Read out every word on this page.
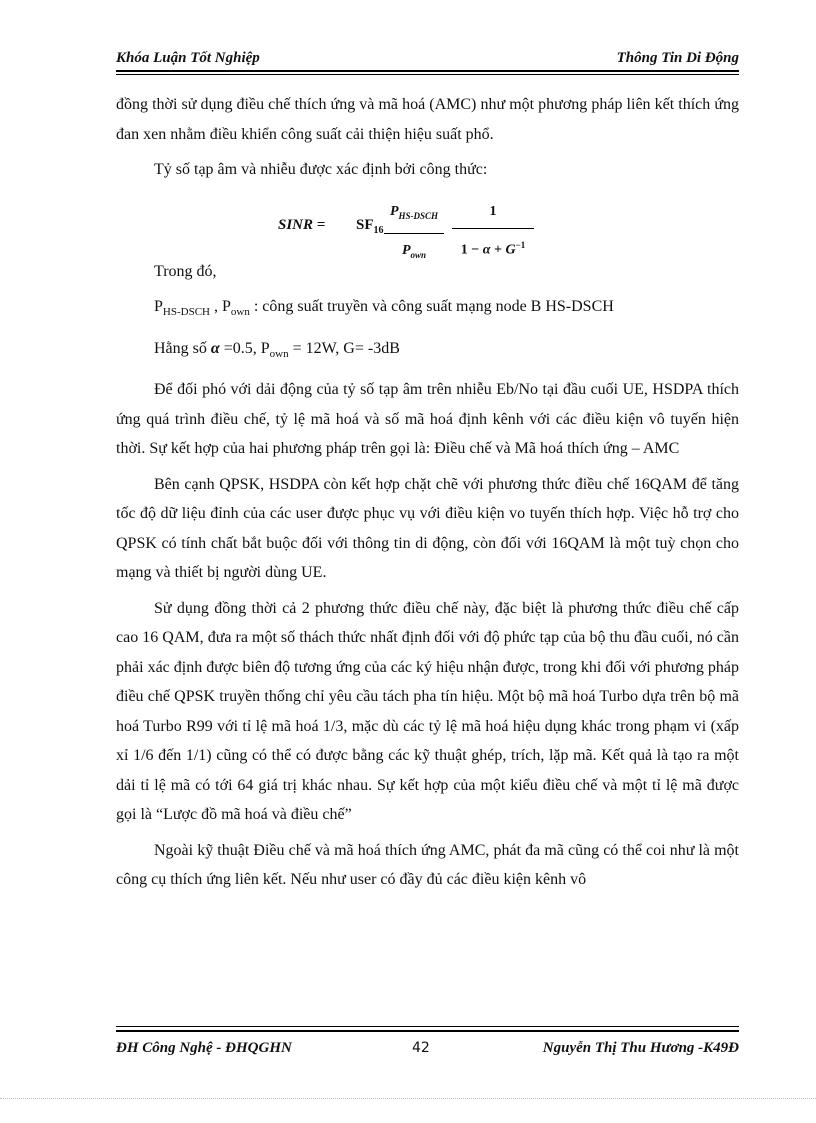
Khóa Luận Tốt Nghiệp	Thông Tin Di Động

đồng thời sử dụng điều chế thích ứng và mã hoá (AMC) như một phương pháp liên kết thích ứng đan xen nhằm điều khiển công suất cải thiện hiệu suất phổ.

Tỷ số tạp âm và nhiễu được xác định bởi công thức:

SINR = $SF_{16}$
$P_{HS-DSCH}$
$P_{own}$	$\frac{1}{1 - \alpha + G^{-1}}$

Trong đó,

$P_{HS-DSCH}$ , $P_{own}$ : công suất truyền và công suất mạng node B HS-DSCH

Hằng số α =0.5, $P_{own} = 12W$, G= -3dB

Để đối phó với dải động của tỷ số tạp âm trên nhiễu Eb/No tại đầu cuối UE, HSDPA thích ứng quá trình điều chế, tỷ lệ mã hoá và số mã hoá định kênh với các điều kiện vô tuyến hiện thời. Sự kết hợp của hai phương pháp trên gọi là: Điều chế và Mã hoá thích ứng – AMC

Bên cạnh QPSK, HSDPA còn kết hợp chặt chẽ với phương thức điều chế 16QAM để tăng tốc độ dữ liệu đỉnh của các user được phục vụ với điều kiện vo tuyến thích hợp. Việc hỗ trợ cho QPSK có tính chất bắt buộc đối với thông tin di động, còn đối với 16QAM là một tuỳ chọn cho mạng và thiết bị người dùng UE.

Sử dụng đồng thời cả 2 phương thức điều chế này, đặc biệt là phương thức điều chế cấp cao 16 QAM, đưa ra một số thách thức nhất định đối với độ phức tạp của bộ thu đầu cuối, nó cần phải xác định được biên độ tương ứng của các ký hiệu nhận được, trong khi đối với phương pháp điều chế QPSK truyền thống chỉ yêu cầu tách pha tín hiệu. Một bộ mã hoá Turbo dựa trên bộ mã hoá Turbo R99 với tỉ lệ mã hoá 1/3, mặc dù các tỷ lệ mã hoá hiệu dụng khác trong phạm vi (xấp xỉ 1/6 đến 1/1) cũng có thể có được bằng các kỹ thuật ghép, trích, lặp mã. Kết quả là tạo ra một dải tỉ lệ mã có tới 64 giá trị khác nhau. Sự kết hợp của một kiểu điều chế và một tỉ lệ mã được gọi là “Lược đồ mã hoá và điều chế”

Ngoài kỹ thuật Điều chế và mã hoá thích ứng AMC, phát đa mã cũng có thể coi như là một công cụ thích ứng liên kết. Nếu như user có đầy đủ các điều kiện kênh vô

ĐH Công Nghệ - ĐHQGHN	42	Nguyễn Thị Thu Hương -K49Đ
